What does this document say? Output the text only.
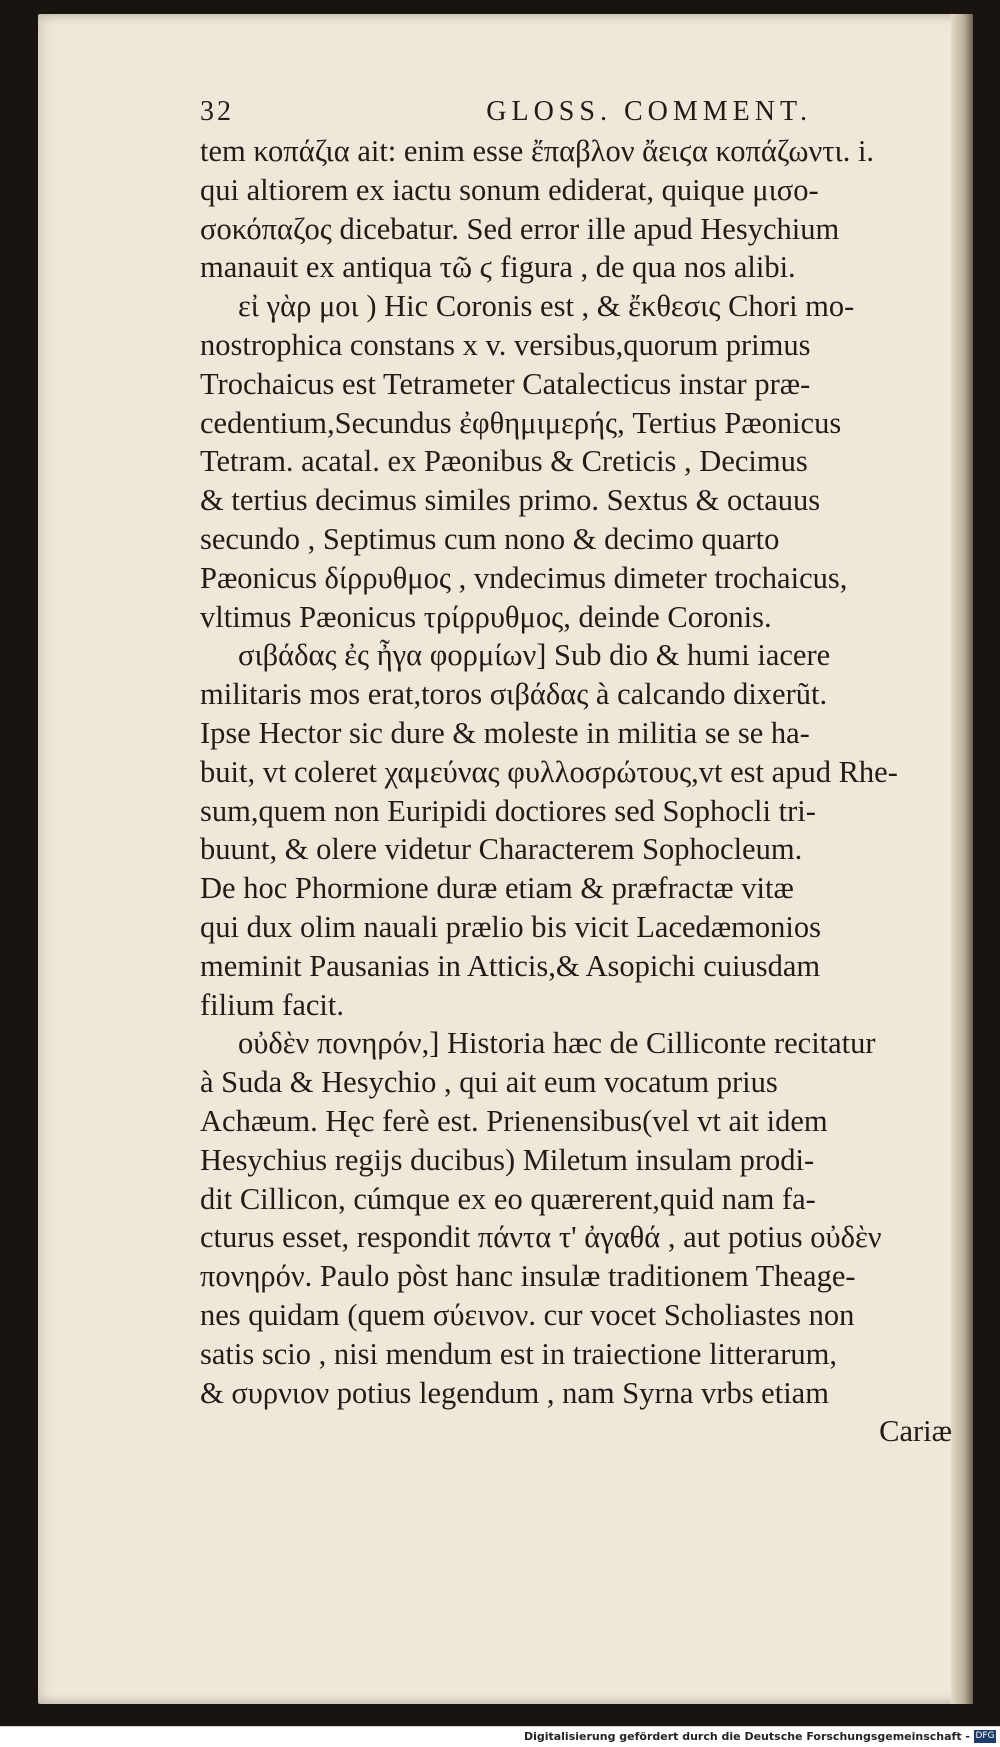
32	GLOSS. COMMENT.
tem κοπάζια ait: enim esse ἔπαβλον ἄειϛα κοπάζωντι. i.
qui altiorem ex iactu sonum ediderat, quique μισο-
σοκόπαζος dicebatur. Sed error ille apud Hesychium
manauit ex antiqua τῶ ϛ figura , de qua nos alibi.
εἰ γὰρ μοι ) Hic Coronis est , & ἔκθεσις Chori mo-
nostrophica constans x v. versibus,quorum primus
Trochaicus est Tetrameter Catalecticus instar præ-
cedentium,Secundus ἐφθημιμερής, Tertius Pæonicus
Tetram. acatal. ex Pæonibus & Creticis , Decimus
& tertius decimus similes primo. Sextus & octauus
secundo , Septimus cum nono & decimo quarto
Pæonicus δίρρυθμος , vndecimus dimeter trochaicus,
vltimus Pæonicus τρίρρυθμος, deinde Coronis.
σιβάδας ἐς ἦγα φορμίων] Sub dio & humi iacere
militaris mos erat,toros σιβάδας à calcando dixerũt.
Ipse Hector sic dure & moleste in militia se se ha-
buit, vt coleret χαμεύνας φυλλοσρώτους,vt est apud Rhe-
sum,quem non Euripidi doctiores sed Sophocli tri-
buunt, & olere videtur Characterem Sophocleum.
De hoc Phormione duræ etiam & præfractæ vitæ
qui dux olim nauali prælio bis vicit Lacedæmonios
meminit Pausanias in Atticis,& Asopichi cuiusdam
filium facit.
οὐδὲν πονηρόν,] Historia hæc de Cilliconte recitatur
à Suda & Hesychio , qui ait eum vocatum prius
Achæum. Hęc ferè est. Prienensibus(vel vt ait idem
Hesychius regijs ducibus) Miletum insulam prodi-
dit Cillicon, cúmque ex eo quærerent,quid nam fa-
cturus esset, respondit πάντα τ' ἀγαθά , aut potius οὐδὲν
πονηρόν. Paulo pòst hanc insulæ traditionem Theage-
nes quidam (quem σύεινον. cur vocet Scholiastes non
satis scio , nisi mendum est in traiectione litterarum,
& συρνιον potius legendum , nam Syrna vrbs etiam
Cariæ
Digitalisierung gefördert durch die Deutsche Forschungsgemeinschaft - DFG
